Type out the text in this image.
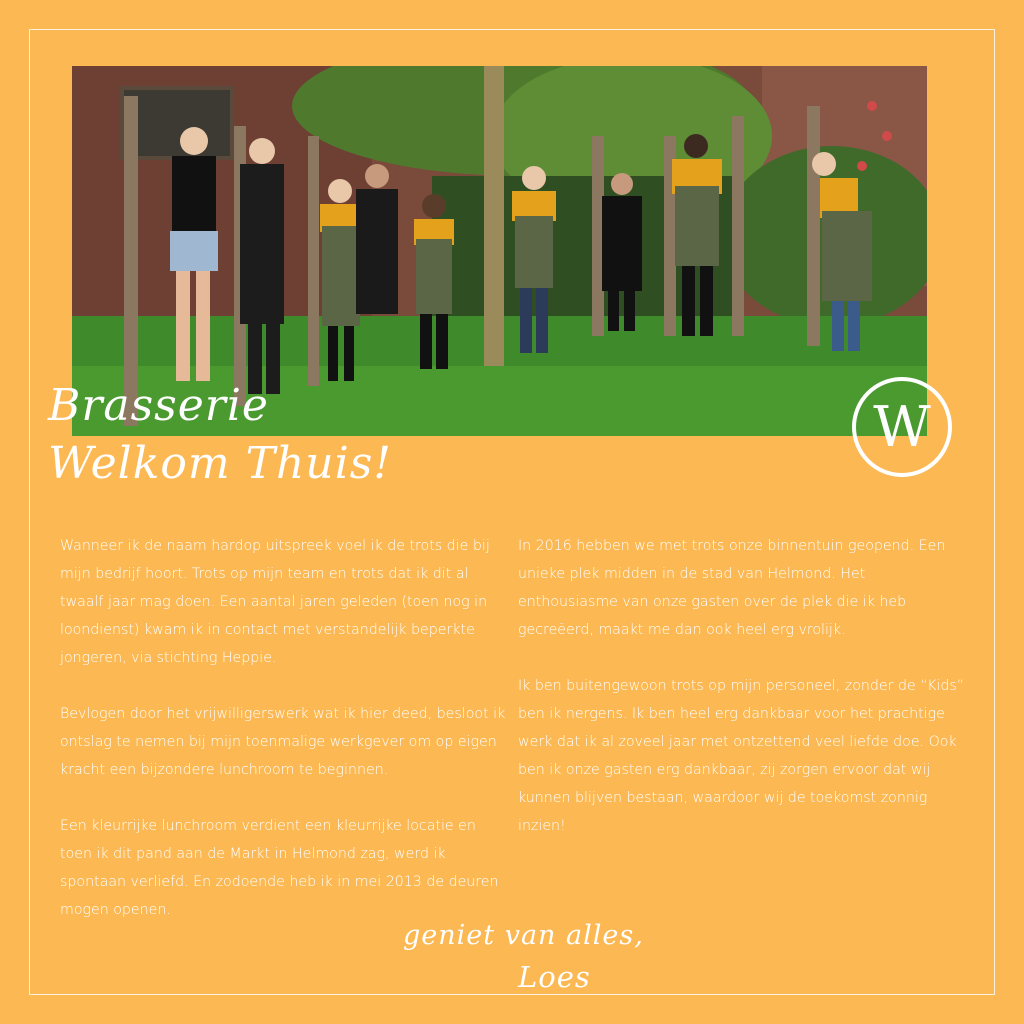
Brasserie
Welkom Thuis!
W

Wanneer ik de naam hardop uitspreek voel ik de trots die bij mijn bedrijf hoort. Trots op mijn team en trots dat ik dit al twaalf jaar mag doen. Een aantal jaren geleden (toen nog in loondienst) kwam ik in contact met verstandelijk beperkte jongeren, via stichting Heppie.

Bevlogen door het vrijwilligerswerk wat ik hier deed, besloot ik ontslag te nemen bij mijn toenmalige werkgever om op eigen kracht een bijzondere lunchroom te beginnen.

Een kleurrijke lunchroom verdient een kleurrijke locatie en toen ik dit pand aan de Markt in Helmond zag, werd ik spontaan verliefd. En zodoende heb ik in mei 2013 de deuren mogen openen.

In 2016 hebben we met trots onze binnentuin geopend. Een unieke plek midden in de stad van Helmond. Het enthousiasme van onze gasten over de plek die ik heb gecreëerd, maakt me dan ook heel erg vrolijk.

Ik ben buitengewoon trots op mijn personeel, zonder de “Kids” ben ik nergens. Ik ben heel erg dankbaar voor het prachtige werk dat ik al zoveel jaar met ontzettend veel liefde doe. Ook ben ik onze gasten erg dankbaar, zij zorgen ervoor dat wij kunnen blijven bestaan, waardoor wij de toekomst zonnig inzien!

geniet van alles,
Loes
